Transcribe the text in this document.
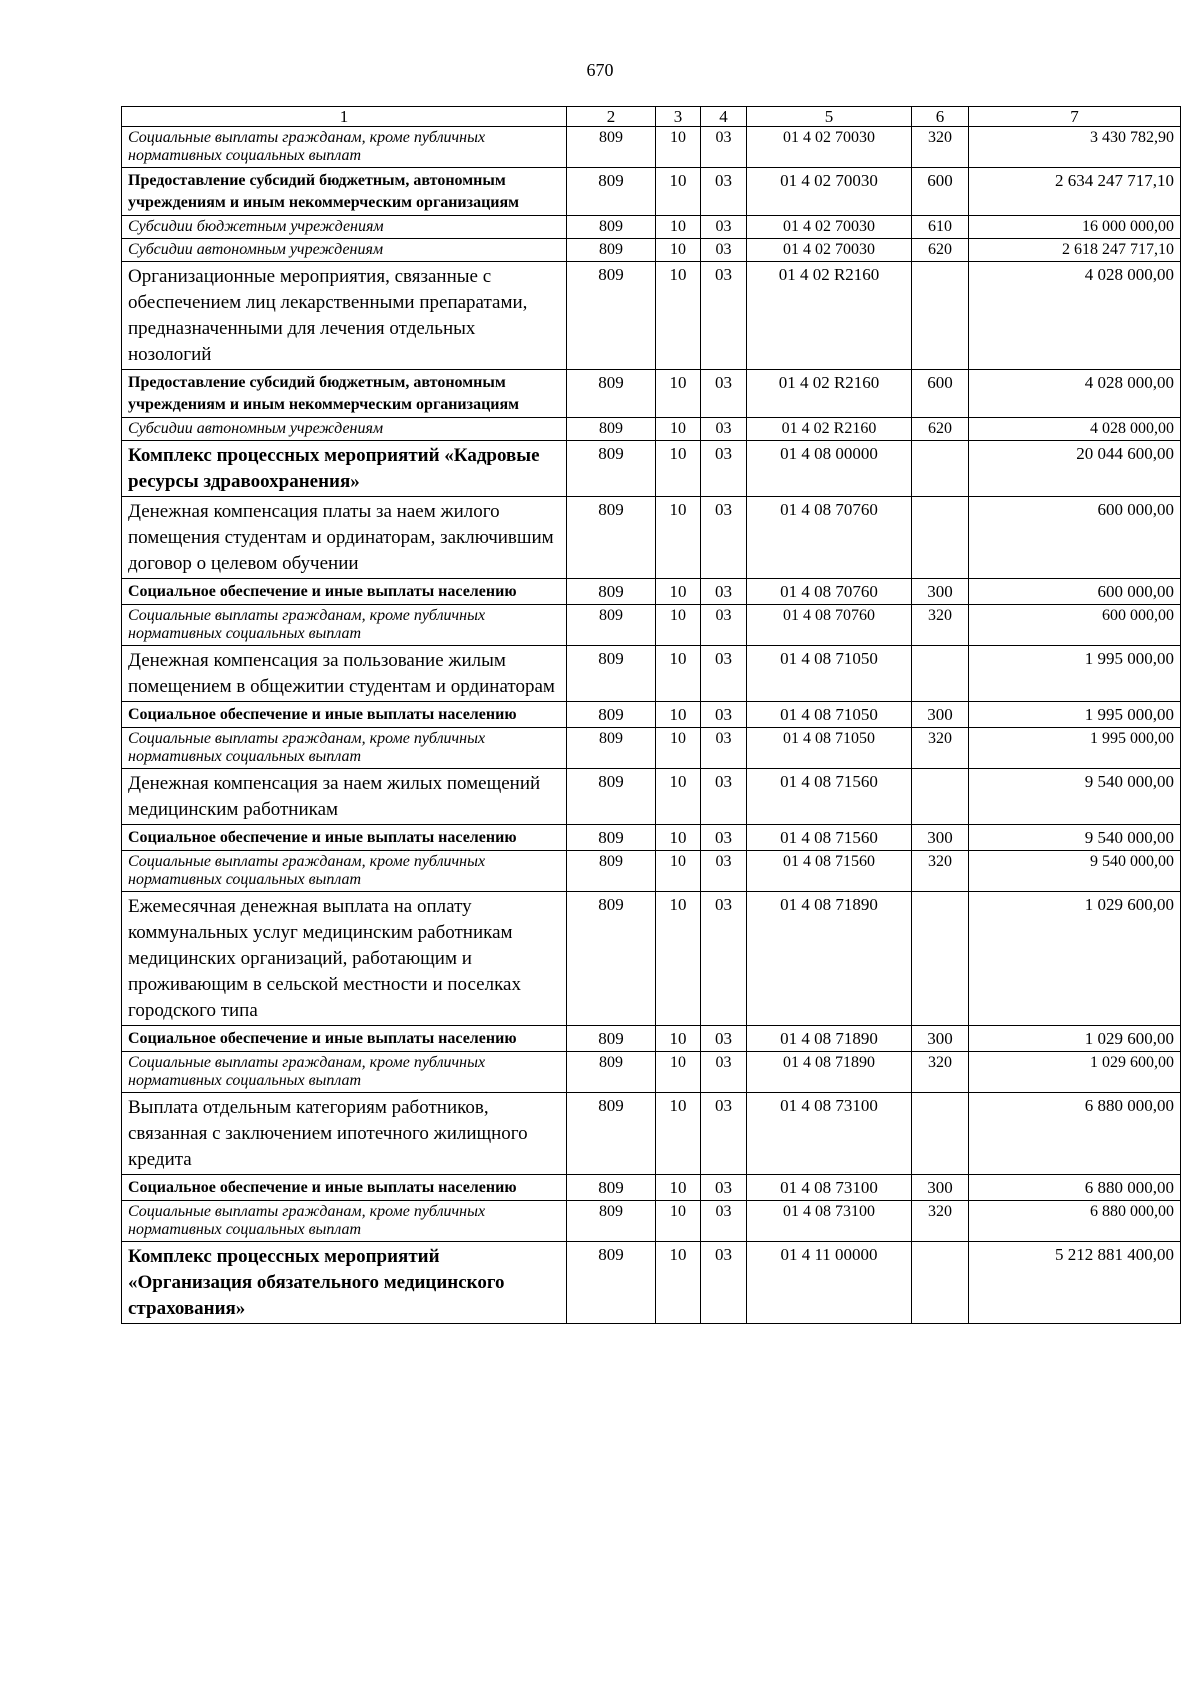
670
1	2	3	4	5	6	7
Социальные выплаты гражданам, кроме публичных нормативных социальных выплат	809	10	03	01 4 02 70030	320	3 430 782,90
Предоставление субсидий бюджетным, автономным учреждениям и иным некоммерческим организациям	809	10	03	01 4 02 70030	600	2 634 247 717,10
Субсидии бюджетным учреждениям	809	10	03	01 4 02 70030	610	16 000 000,00
Субсидии автономным учреждениям	809	10	03	01 4 02 70030	620	2 618 247 717,10
Организационные мероприятия, связанные с обеспечением лиц лекарственными препаратами, предназначенными для лечения отдельных нозологий	809	10	03	01 4 02 R2160		4 028 000,00
Предоставление субсидий бюджетным, автономным учреждениям и иным некоммерческим организациям	809	10	03	01 4 02 R2160	600	4 028 000,00
Субсидии автономным учреждениям	809	10	03	01 4 02 R2160	620	4 028 000,00
Комплекс процессных мероприятий «Кадровые ресурсы здравоохранения»	809	10	03	01 4 08 00000		20 044 600,00
Денежная компенсация платы за наем жилого помещения студентам и ординаторам, заключившим договор о целевом обучении	809	10	03	01 4 08 70760		600 000,00
Социальное обеспечение и иные выплаты населению	809	10	03	01 4 08 70760	300	600 000,00
Социальные выплаты гражданам, кроме публичных нормативных социальных выплат	809	10	03	01 4 08 70760	320	600 000,00
Денежная компенсация за пользование жилым помещением в общежитии студентам и ординаторам	809	10	03	01 4 08 71050		1 995 000,00
Социальное обеспечение и иные выплаты населению	809	10	03	01 4 08 71050	300	1 995 000,00
Социальные выплаты гражданам, кроме публичных нормативных социальных выплат	809	10	03	01 4 08 71050	320	1 995 000,00
Денежная компенсация за наем жилых помещений медицинским работникам	809	10	03	01 4 08 71560		9 540 000,00
Социальное обеспечение и иные выплаты населению	809	10	03	01 4 08 71560	300	9 540 000,00
Социальные выплаты гражданам, кроме публичных нормативных социальных выплат	809	10	03	01 4 08 71560	320	9 540 000,00
Ежемесячная денежная выплата на оплату коммунальных услуг медицинским работникам медицинских организаций, работающим и проживающим в сельской местности и поселках городского типа	809	10	03	01 4 08 71890		1 029 600,00
Социальное обеспечение и иные выплаты населению	809	10	03	01 4 08 71890	300	1 029 600,00
Социальные выплаты гражданам, кроме публичных нормативных социальных выплат	809	10	03	01 4 08 71890	320	1 029 600,00
Выплата отдельным категориям работников, связанная с заключением ипотечного жилищного кредита	809	10	03	01 4 08 73100		6 880 000,00
Социальное обеспечение и иные выплаты населению	809	10	03	01 4 08 73100	300	6 880 000,00
Социальные выплаты гражданам, кроме публичных нормативных социальных выплат	809	10	03	01 4 08 73100	320	6 880 000,00
Комплекс процессных мероприятий «Организация обязательного медицинского страхования»	809	10	03	01 4 11 00000		5 212 881 400,00
